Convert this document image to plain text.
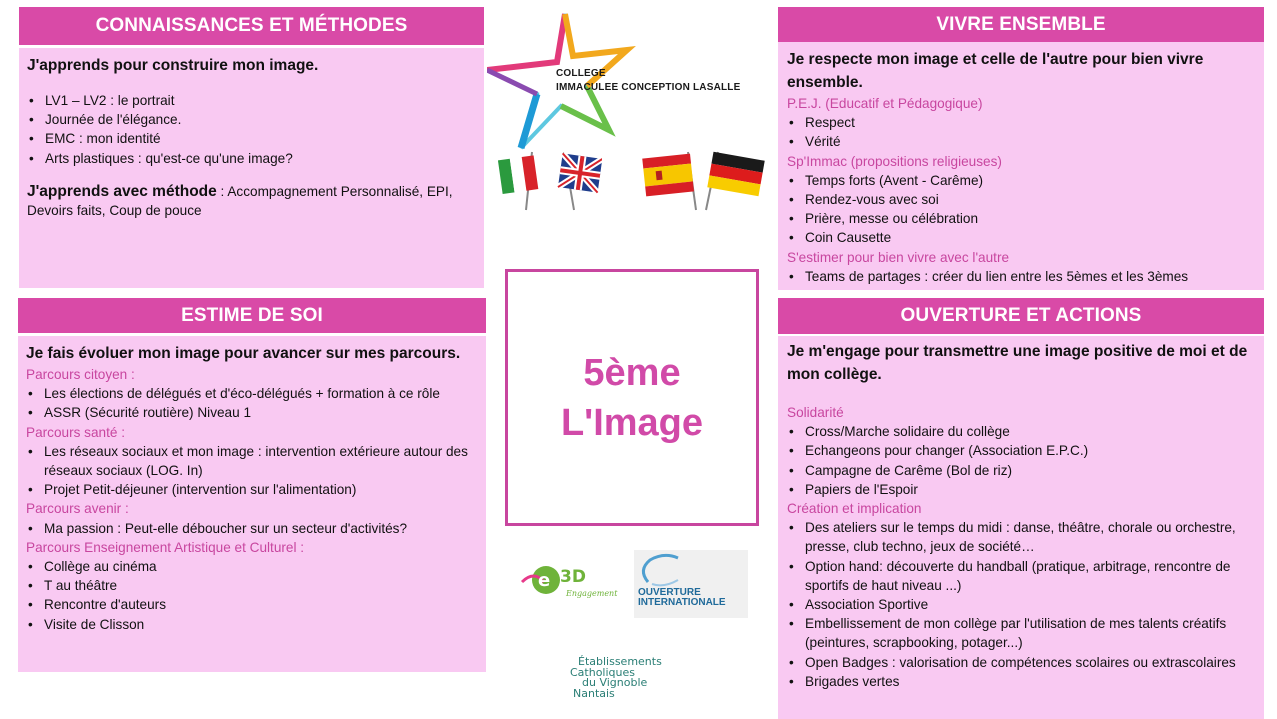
CONNAISSANCES ET MÉTHODES	VIVRE ENSEMBLE
ESTIME DE SOI	OUVERTURE ET ACTIONS
J'apprends pour construire mon image.
• LV1 – LV2 : le portrait
• Journée de l'élégance.
• EMC : mon identité
• Arts plastiques : qu'est-ce qu'une image?
J'apprends avec méthode : Accompagnement Personnalisé, EPI, Devoirs faits, Coup de pouce
Je respecte mon image et celle de l'autre pour bien vivre ensemble.
P.E.J. (Educatif et Pédagogique)
• Respect
• Vérité
Sp'Immac (propositions religieuses)
• Temps forts (Avent - Carême)
• Rendez-vous avec soi
• Prière, messe ou célébration
• Coin Causette
S'estimer pour bien vivre avec l'autre
• Teams de partages : créer du lien entre les 5èmes et les 3èmes
Je fais évoluer mon image pour avancer sur mes parcours.
Parcours citoyen :
• Les élections de délégués et d'éco-délégués + formation à ce rôle
• ASSR (Sécurité routière) Niveau 1
Parcours santé :
• Les réseaux sociaux et mon image : intervention extérieure autour des réseaux sociaux (LOG. In)
• Projet Petit-déjeuner (intervention sur l'alimentation)
Parcours avenir :
• Ma passion : Peut-elle déboucher sur un secteur d'activités?
Parcours Enseignement Artistique et Culturel :
• Collège au cinéma
• T au théâtre
• Rencontre d'auteurs
• Visite de Clisson
Je m'engage pour transmettre une image positive de moi et de mon collège.
Solidarité
• Cross/Marche solidaire du collège
• Echangeons pour changer (Association E.P.C.)
• Campagne de Carême (Bol de riz)
• Papiers de l'Espoir
Création et implication
• Des ateliers sur le temps du midi : danse, théâtre, chorale ou orchestre, presse, club techno, jeux de société…
• Option hand: découverte du handball (pratique, arbitrage, rencontre de sportifs de haut niveau ...)
• Association Sportive
• Embellissement de mon collège par l'utilisation de mes talents créatifs (peintures, scrapbooking, potager...)
• Open Badges : valorisation de compétences scolaires ou extrascolaires
• Brigades vertes
COLLEGE
IMMACULEE CONCEPTION LASALLE
5ème
L'Image
e 3D
Engagement OUVERTURE
INTERNATIONALE
Établissements
Catholiques
du Vignoble
Nantais
